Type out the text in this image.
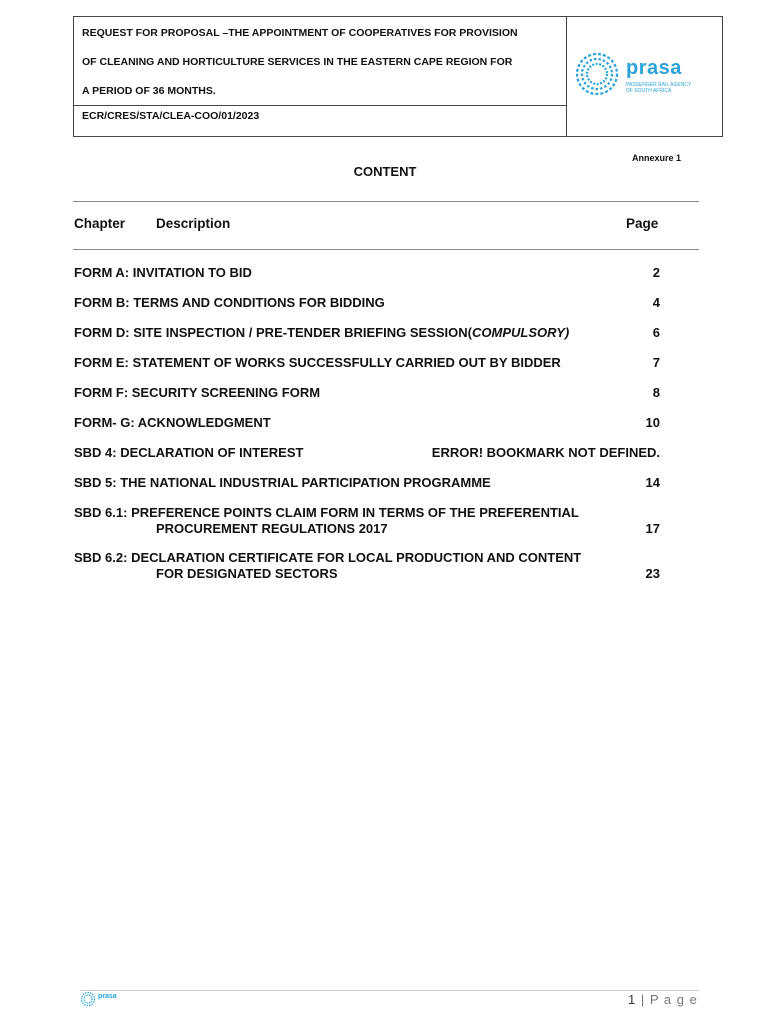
REQUEST FOR PROPOSAL –THE APPOINTMENT OF COOPERATIVES FOR PROVISION
OF CLEANING AND HORTICULTURE SERVICES IN THE EASTERN CAPE REGION FOR
A PERIOD OF 36 MONTHS.
ECR/CRES/STA/CLEA-COO/01/2023
prasa
PASSENGER RAIL AGENCY OF SOUTH AFRICA
Annexure 1
CONTENT
Chapter Description	Page
FORM A: INVITATION TO BID	2
FORM B: TERMS AND CONDITIONS FOR BIDDING	4
FORM D: SITE INSPECTION / PRE-TENDER BRIEFING SESSION(COMPULSORY)	6
FORM E: STATEMENT OF WORKS SUCCESSFULLY CARRIED OUT BY BIDDER	7
FORM F: SECURITY SCREENING FORM	8
FORM- G: ACKNOWLEDGMENT	10
SBD 4: DECLARATION OF INTEREST	ERROR! BOOKMARK NOT DEFINED.
SBD 5: THE NATIONAL INDUSTRIAL PARTICIPATION PROGRAMME	14
SBD 6.1: PREFERENCE POINTS CLAIM FORM IN TERMS OF THE PREFERENTIAL
PROCUREMENT REGULATIONS 2017	17
SBD 6.2: DECLARATION CERTIFICATE FOR LOCAL PRODUCTION AND CONTENT
FOR DESIGNATED SECTORS	23
prasa	1 | P a g e
